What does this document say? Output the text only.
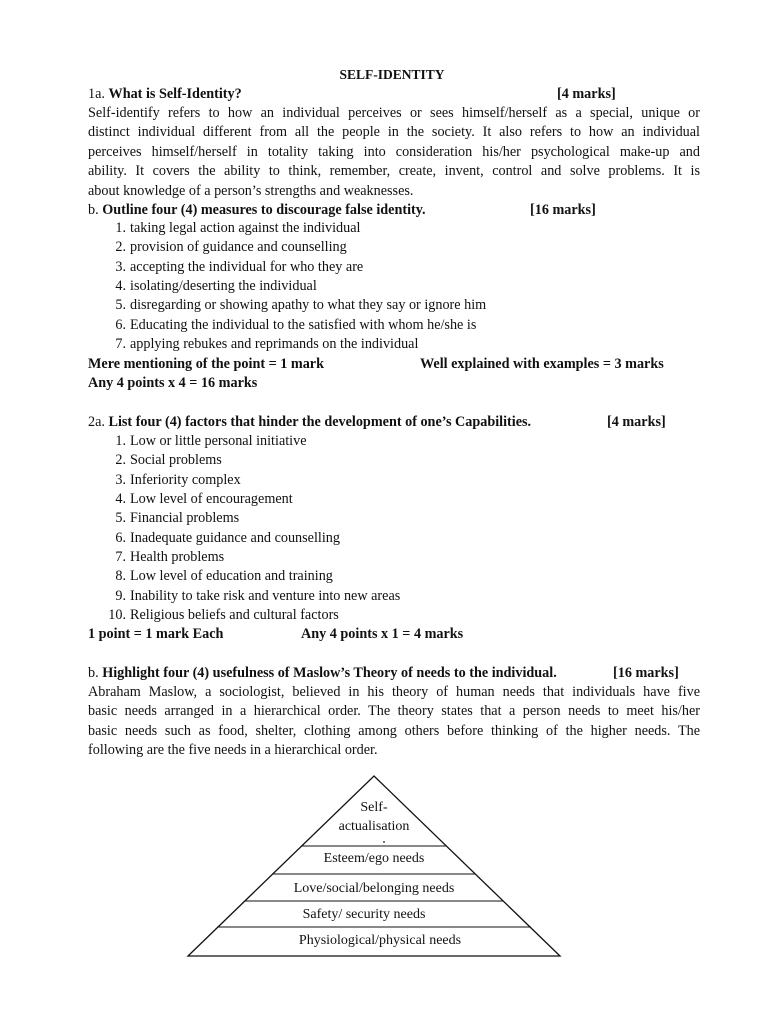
SELF-IDENTITY
1a. What is Self-Identity?	[4 marks]
Self-identify refers to how an individual perceives or sees himself/herself as a special, unique or
distinct individual different from all the people in the society. It also refers to how an individual
perceives himself/herself in totality taking into consideration his/her psychological make-up and
ability. It covers the ability to think, remember, create, invent, control and solve problems. It is
about knowledge of a person’s strengths and weaknesses.
b. Outline four (4) measures to discourage false identity.	[16 marks]
1. taking legal action against the individual
2. provision of guidance and counselling
3. accepting the individual for who they are
4. isolating/deserting the individual
5. disregarding or showing apathy to what they say or ignore him
6. Educating the individual to the satisfied with whom he/she is
7. applying rebukes and reprimands on the individual
Mere mentioning of the point = 1 mark	Well explained with examples = 3 marks
Any 4 points x 4 = 16 marks
2a. List four (4) factors that hinder the development of one’s Capabilities.	[4 marks]
1. Low or little personal initiative
2. Social problems
3. Inferiority complex
4. Low level of encouragement
5. Financial problems
6. Inadequate guidance and counselling
7. Health problems
8. Low level of education and training
9. Inability to take risk and venture into new areas
10. Religious beliefs and cultural factors
1 point = 1 mark Each	Any 4 points x 1 = 4 marks
b. Highlight four (4) usefulness of Maslow’s Theory of needs to the individual.	[16 marks]
Abraham Maslow, a sociologist, believed in his theory of human needs that individuals have five
basic needs arranged in a hierarchical order. The theory states that a person needs to meet his/her
basic needs such as food, shelter, clothing among others before thinking of the higher needs. The
following are the five needs in a hierarchical order.
Self-
actualisation
Esteem/ego needs
Love/social/belonging needs
Safety/ security needs
Physiological/physical needs
